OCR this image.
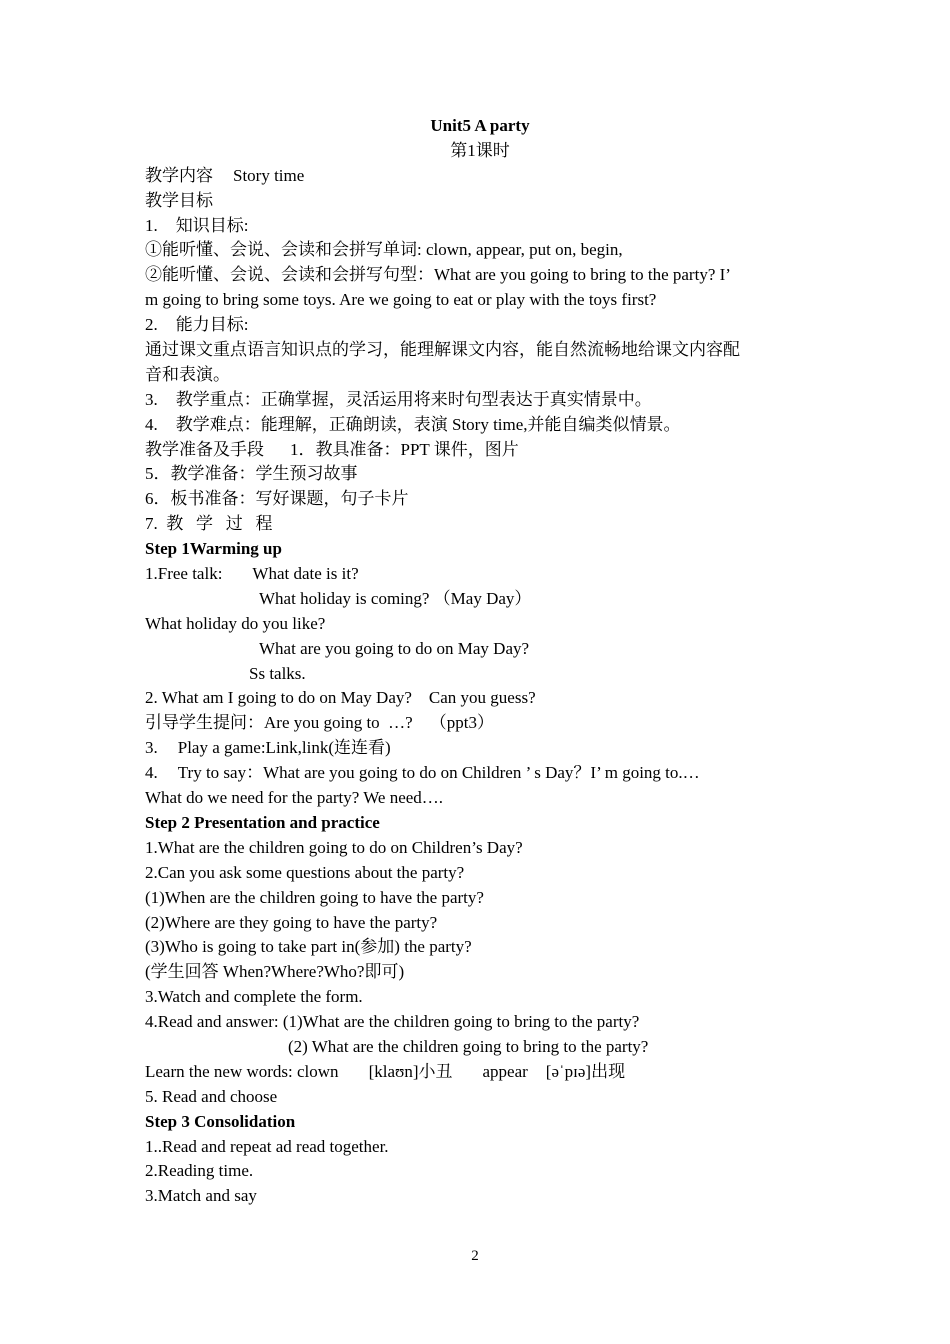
Unit5 A party
第1课时
教学内容 Story time
教学目标
1. 知识目标:
①能听懂、会说、会读和会拼写单词: clown, appear, put on, begin,
②能听懂、会说、会读和会拼写句型：What are you going to bring to the party? I’
m going to bring some toys. Are we going to eat or play with the toys first?
2. 能力目标:
通过课文重点语言知识点的学习，能理解课文内容，能自然流畅地给课文内容配
音和表演。
3. 教学重点：正确掌握，灵活运用将来时句型表达于真实情景中。
4. 教学难点：能理解，正确朗读，表演 Story time,并能自编类似情景。
教学准备及手段 1．教具准备：PPT 课件，图片
5．教学准备：学生预习故事
6．板书准备：写好课题，句子卡片
7.  教   学   过   程
Step 1Warming up
1.Free talk: What date is it?
What holiday is coming? （May Day）
What holiday do you like?
What are you going to do on May Day?
Ss talks.
2. What am I going to do on May Day?    Can you guess?
引导学生提问：Are you going to  …?    （ppt3）
3. Play a game:Link,link(连连看)
4. Try to say：What are you going to do on Children ’ s Day？I’ m going to.…
What do we need for the party? We need….
Step 2 Presentation and practice
1.What are the children going to do on Children’s Day?
2.Can you ask some questions about the party?
(1)When are the children going to have the party?
(2)Where are they going to have the party?
(3)Who is going to take part in(参加) the party?
(学生回答 When?Where?Who?即可)
3.Watch and complete the form.
4.Read and answer: (1)What are the children going to bring to the party?
(2) What are the children going to bring to the party?
Learn the new words: clown [klaʊn]小丑 appear [əˈpɪə]出现
5. Read and choose
Step 3 Consolidation
1..Read and repeat ad read together.
2.Reading time.
3.Match and say
2
